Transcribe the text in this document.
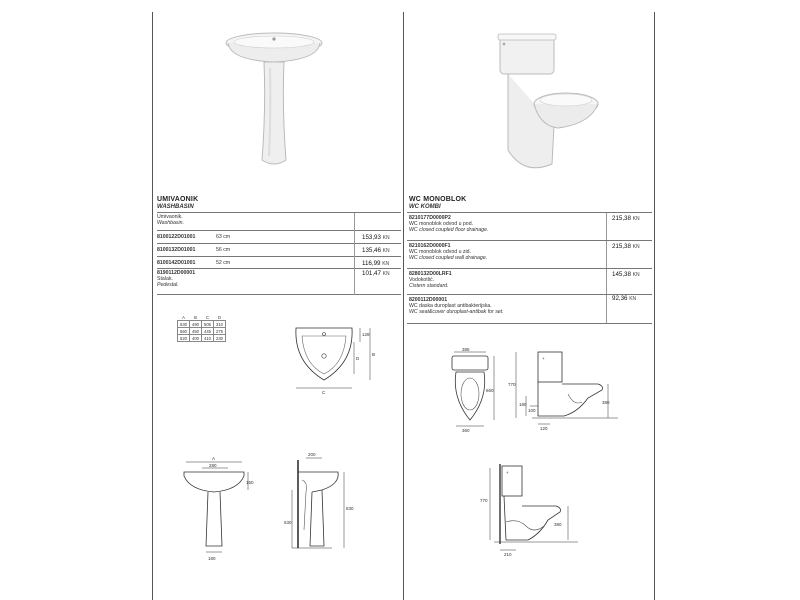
UMIVAONIK
WASHBASIN
Umivaonik.
Washbasin.
8100122D01001	63 cm	153,93 KN
8100132D01001	56 cm	135,46 KN
8100142D01001	52 cm	116,99 KN
8190112D00001
Stalak.
Pedestal.
101,47 KN
A	B	C	D
630	490	505	310
560	450	445	275
520	400	410	230
128
B
D
C
A
280
150
180
200
530
830
WC MONOBLOK
WC KOMBI
8210177D0000P2
WC monoblok odvod u pod.
WC closed coupled floor drainage.
215,38 KN
8210162D0000F1
WC monoblok odvod u zid.
WC closed coupled wall drainage.
215,38 KN
8280132D00LRF1
Vodokotlić.
Cistern standard.
145,38 KN
8200112D00001
WC daska duroplast antibakterijska.
WC seat&cover duroplast-antibak for set.
92,36 KN
385
660
360
770
+
380
180
100
120
770
+
380
210
